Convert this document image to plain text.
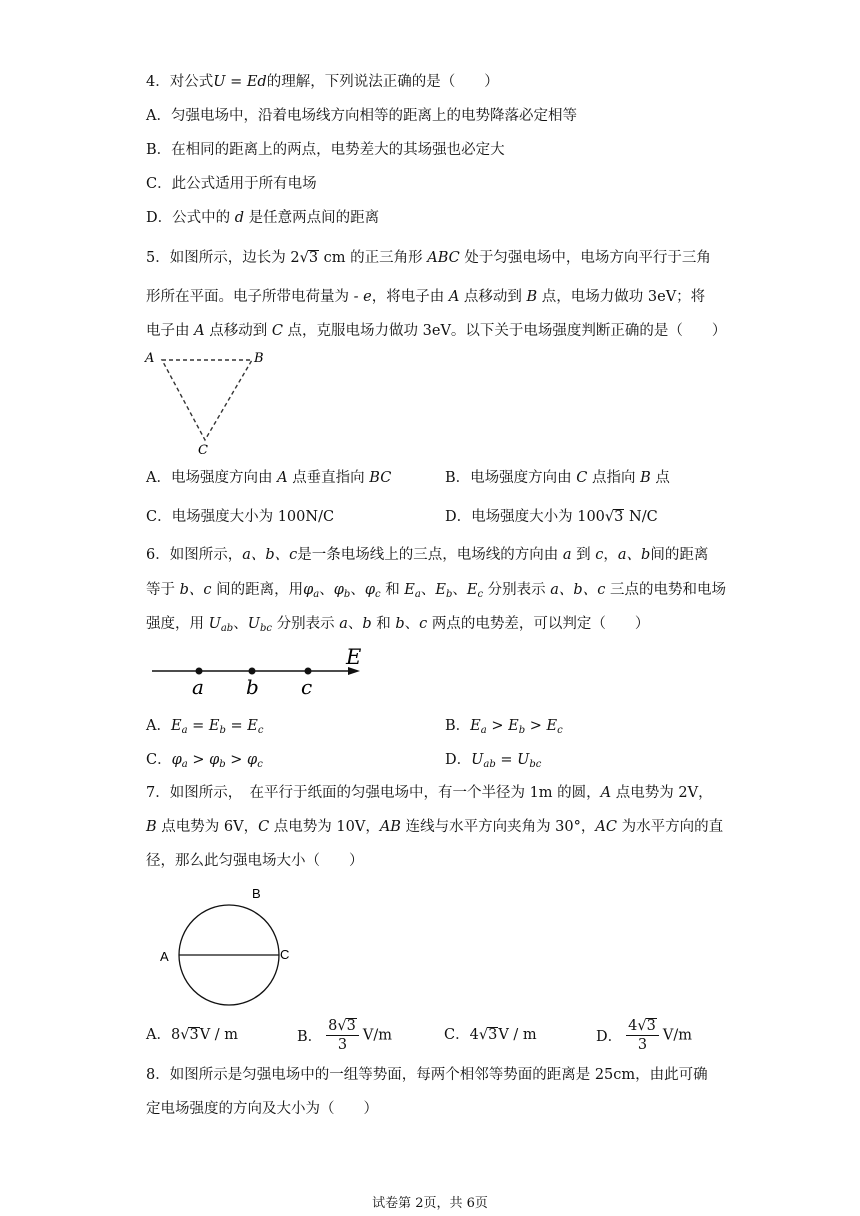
4．对公式U = Ed的理解，下列说法正确的是（　　）
A．匀强电场中，沿着电场线方向相等的距离上的电势降落必定相等
B．在相同的距离上的两点，电势差大的其场强也必定大
C．此公式适用于所有电场
D．公式中的 d 是任意两点间的距离
5．如图所示，边长为 2√3 cm 的正三角形 ABC 处于匀强电场中，电场方向平行于三角
形所在平面。电子所带电荷量为 - e，将电子由 A 点移动到 B 点，电场力做功 3eV；将
电子由 A 点移动到 C 点，克服电场力做功 3eV。以下关于电场强度判断正确的是（　　）
A	B
C
A．电场强度方向由 A 点垂直指向 BC	B．电场强度方向由 C 点指向 B 点
C．电场强度大小为 100N/C	D．电场强度大小为 100√3 N/C
6．如图所示，a、b、c是一条电场线上的三点，电场线的方向由 a 到 c，a、b间的距离
等于 b、c 间的距离，用$\varphi_a$、$\varphi_b$、$\varphi_c$ 和 $E_a$、$E_b$、$E_c$ 分别表示 a、b、c 三点的电势和电场
强度，用 $U_{ab}$、$U_{bc}$ 分别表示 a、b 和 b、c 两点的电势差，可以判定（　　）
E
a b c
A．$E_a = E_b = E_c$	B．$E_a > E_b > E_c$
C．$\varphi_a > \varphi_b > \varphi_c$	D．$U_{ab} = U_{bc}$
7．如图所示，　在平行于纸面的匀强电场中，有一个半径为 1m 的圆，A 点电势为 2V，
B 点电势为 6V，C 点电势为 10V，AB 连线与水平方向夹角为 30°，AC 为水平方向的直
径，那么此匀强电场大小（　　）
A
B
C
A．8√3V / m	B． $\frac{8√3}{3} V/m$	C．4√3V / m	D． $\frac{4√3}{3} V/m$
8．如图所示是匀强电场中的一组等势面，每两个相邻等势面的距离是 25cm，由此可确
定电场强度的方向及大小为（　　）
试卷第 2页，共 6页
